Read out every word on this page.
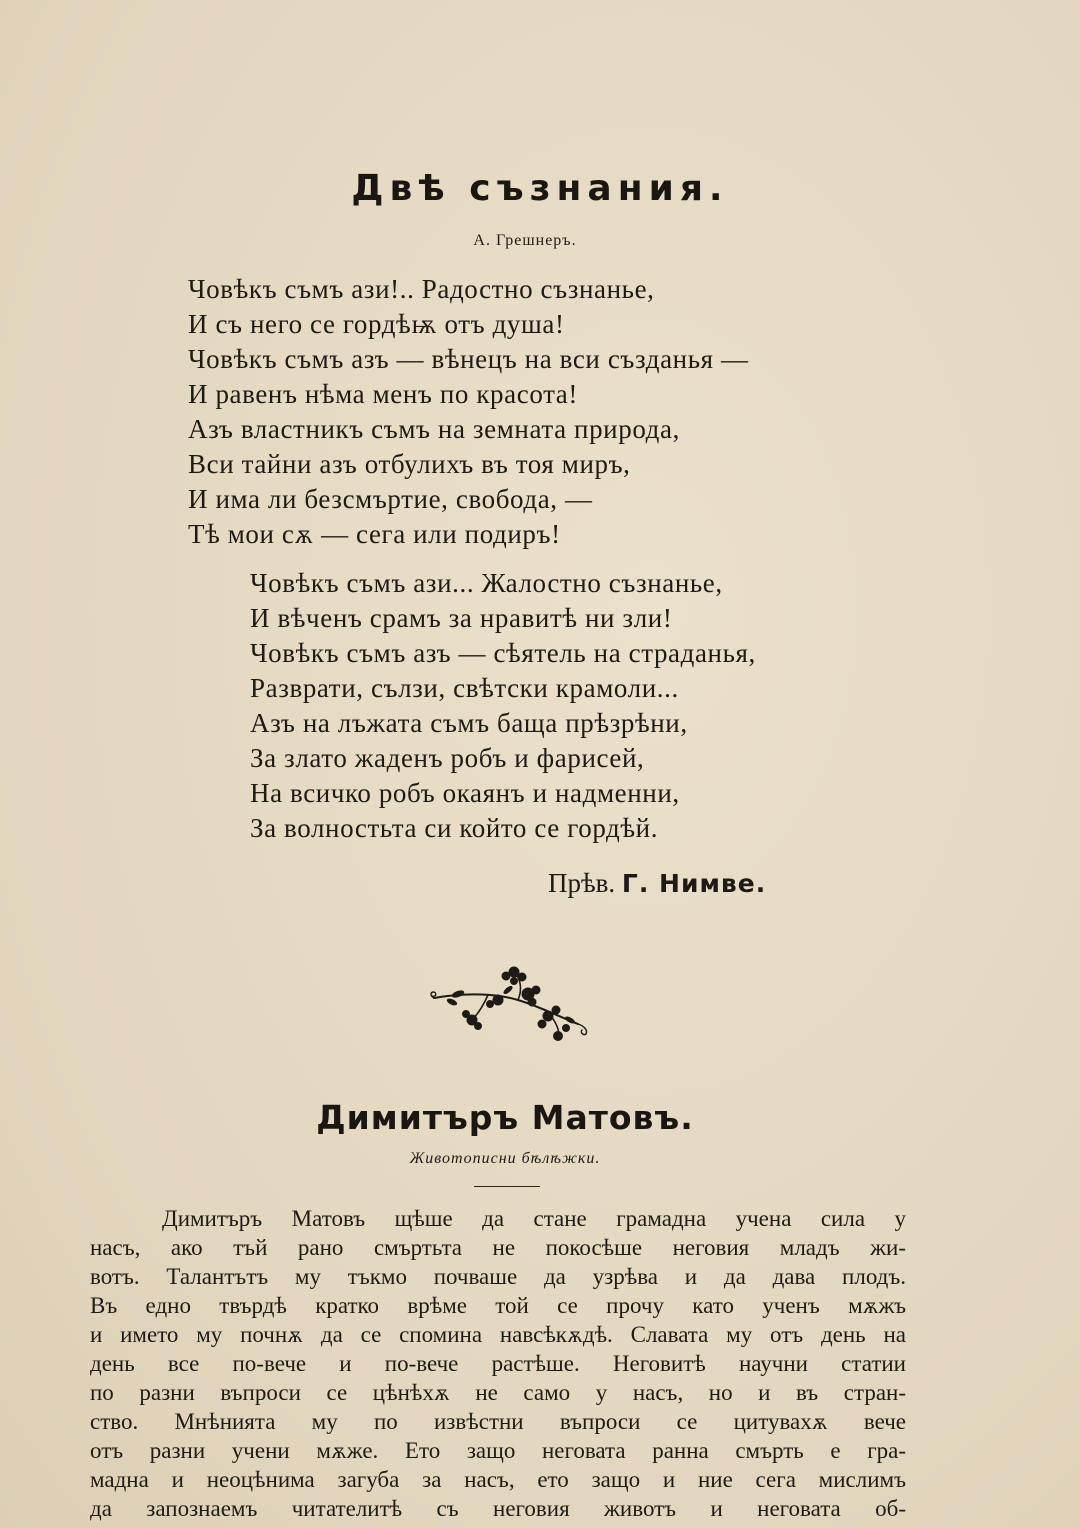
Двѣ съзнания.
А. Грешнеръ.
Човѣкъ съмъ ази!.. Радостно съзнанье,
И съ него се гордѣѭ отъ душа!
Човѣкъ съмъ азъ — вѣнецъ на вси създанья —
И равенъ нѣма менъ по красота!
Азъ властникъ съмъ на земната природа,
Вси тайни азъ отбулихъ въ тоя миръ,
И има ли безсмъртие, свобода, —
Тѣ мои сѫ — сега или подиръ!
Човѣкъ съмъ ази... Жалостно съзнанье,
И вѣченъ срамъ за нравитѣ ни зли!
Човѣкъ съмъ азъ — сѣятель на страданья,
Разврати, сълзи, свѣтски крамоли...
Азъ на лъжата съмъ баща прѣзрѣни,
За злато жаденъ робъ и фарисей,
На всичко робъ окаянъ и надменни,
За волностьта си който се гордѣй.
Прѣв. Г. Нимве.
Димитъръ Матовъ.
Животописни бѣлѣжки.
Димитъръ Матовъ щѣше да стане грамадна учена сила у
насъ, ако тъй рано смъртьта не покосѣше неговия младъ жи-
вотъ. Талантътъ му тъкмо почваше да узрѣва и да дава плодъ.
Въ едно твърдѣ кратко врѣме той се прочу като ученъ мѫжъ
и името му почнѫ да се спомина навсѣкѫдѣ. Славата му отъ день на
день все по-вече и по-вече растѣше. Неговитѣ научни статии
по разни въпроси се цѣнѣхѫ не само у насъ, но и въ стран-
ство. Мнѣнията му по извѣстни въпроси се цитувахѫ вече
отъ разни учени мѫже. Ето защо неговата ранна смърть е гра-
мадна и неоцѣнима загуба за насъ, ето защо и ние сега мислимъ
да запознаемъ читателитѣ съ неговия животъ и неговата об-
